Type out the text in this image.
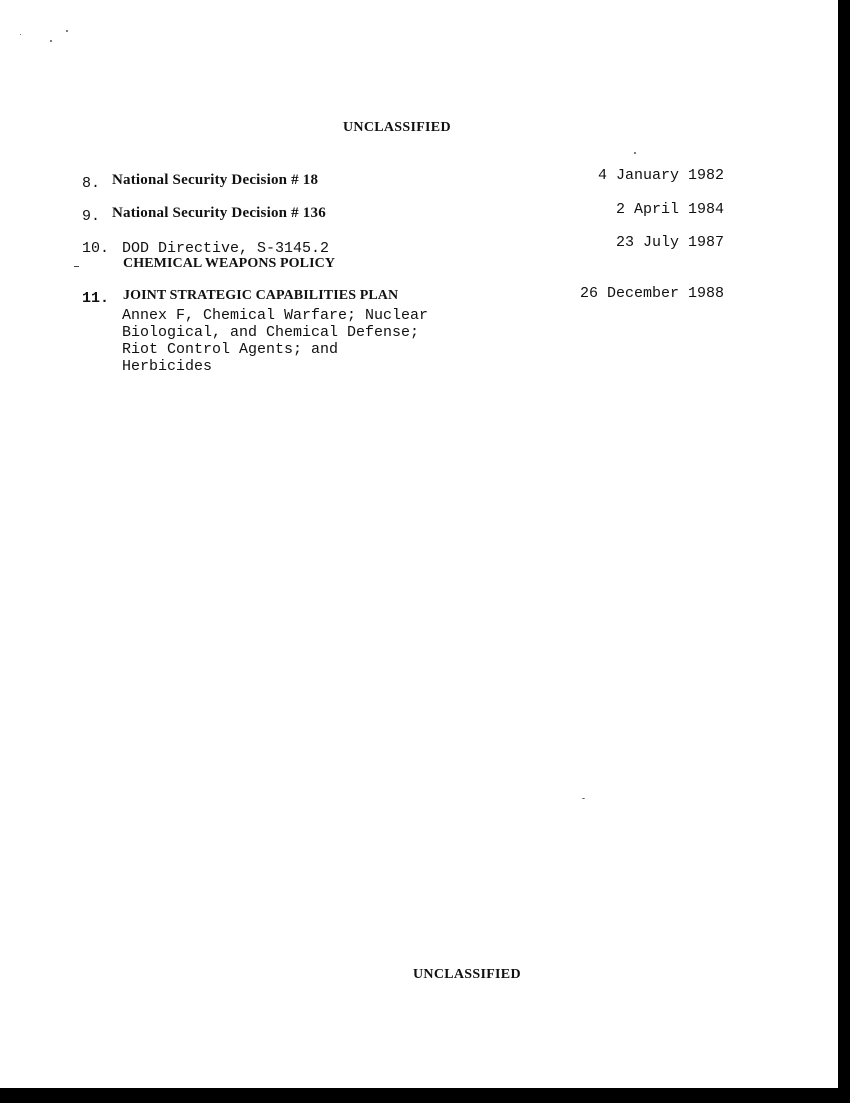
UNCLASSIFIED
8. National Security Decision # 18	4 January 1982
9. National Security Decision # 136	2 April 1984
10. DOD Directive, S-3145.2
CHEMICAL WEAPONS POLICY
23 July 1987
11. JOINT STRATEGIC CAPABILITIES PLAN
Annex F, Chemical Warfare; Nuclear
Biological, and Chemical Defense;
Riot Control Agents; and
Herbicides
26 December 1988
UNCLASSIFIED
